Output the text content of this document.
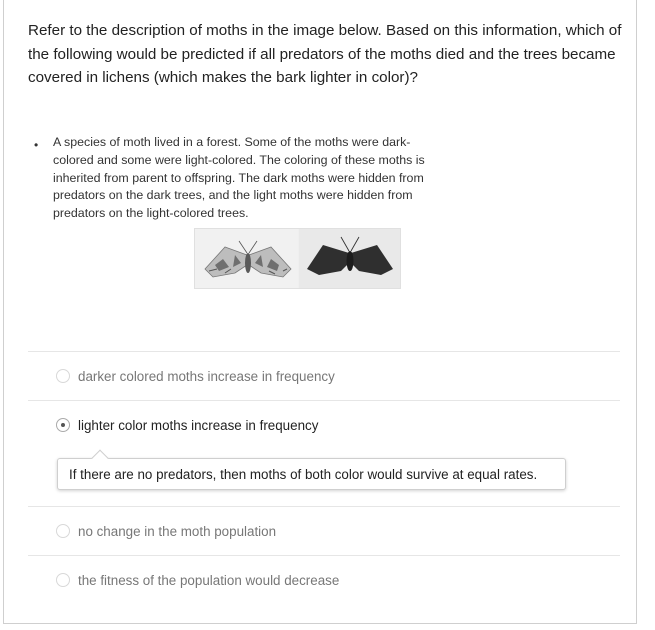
Refer to the description of moths in the image below. Based on this information, which of the following would be predicted if all predators of the moths died and the trees became covered in lichens (which makes the bark lighter in color)?

• A species of moth lived in a forest. Some of the moths were dark-colored and some were light-colored. The coloring of these moths is inherited from parent to offspring. The dark moths were hidden from predators on the dark trees, and the light moths were hidden from predators on the light-colored trees.

darker colored moths increase in frequency
lighter color moths increase in frequency
If there are no predators, then moths of both color would survive at equal rates.
no change in the moth population
the fitness of the population would decrease
